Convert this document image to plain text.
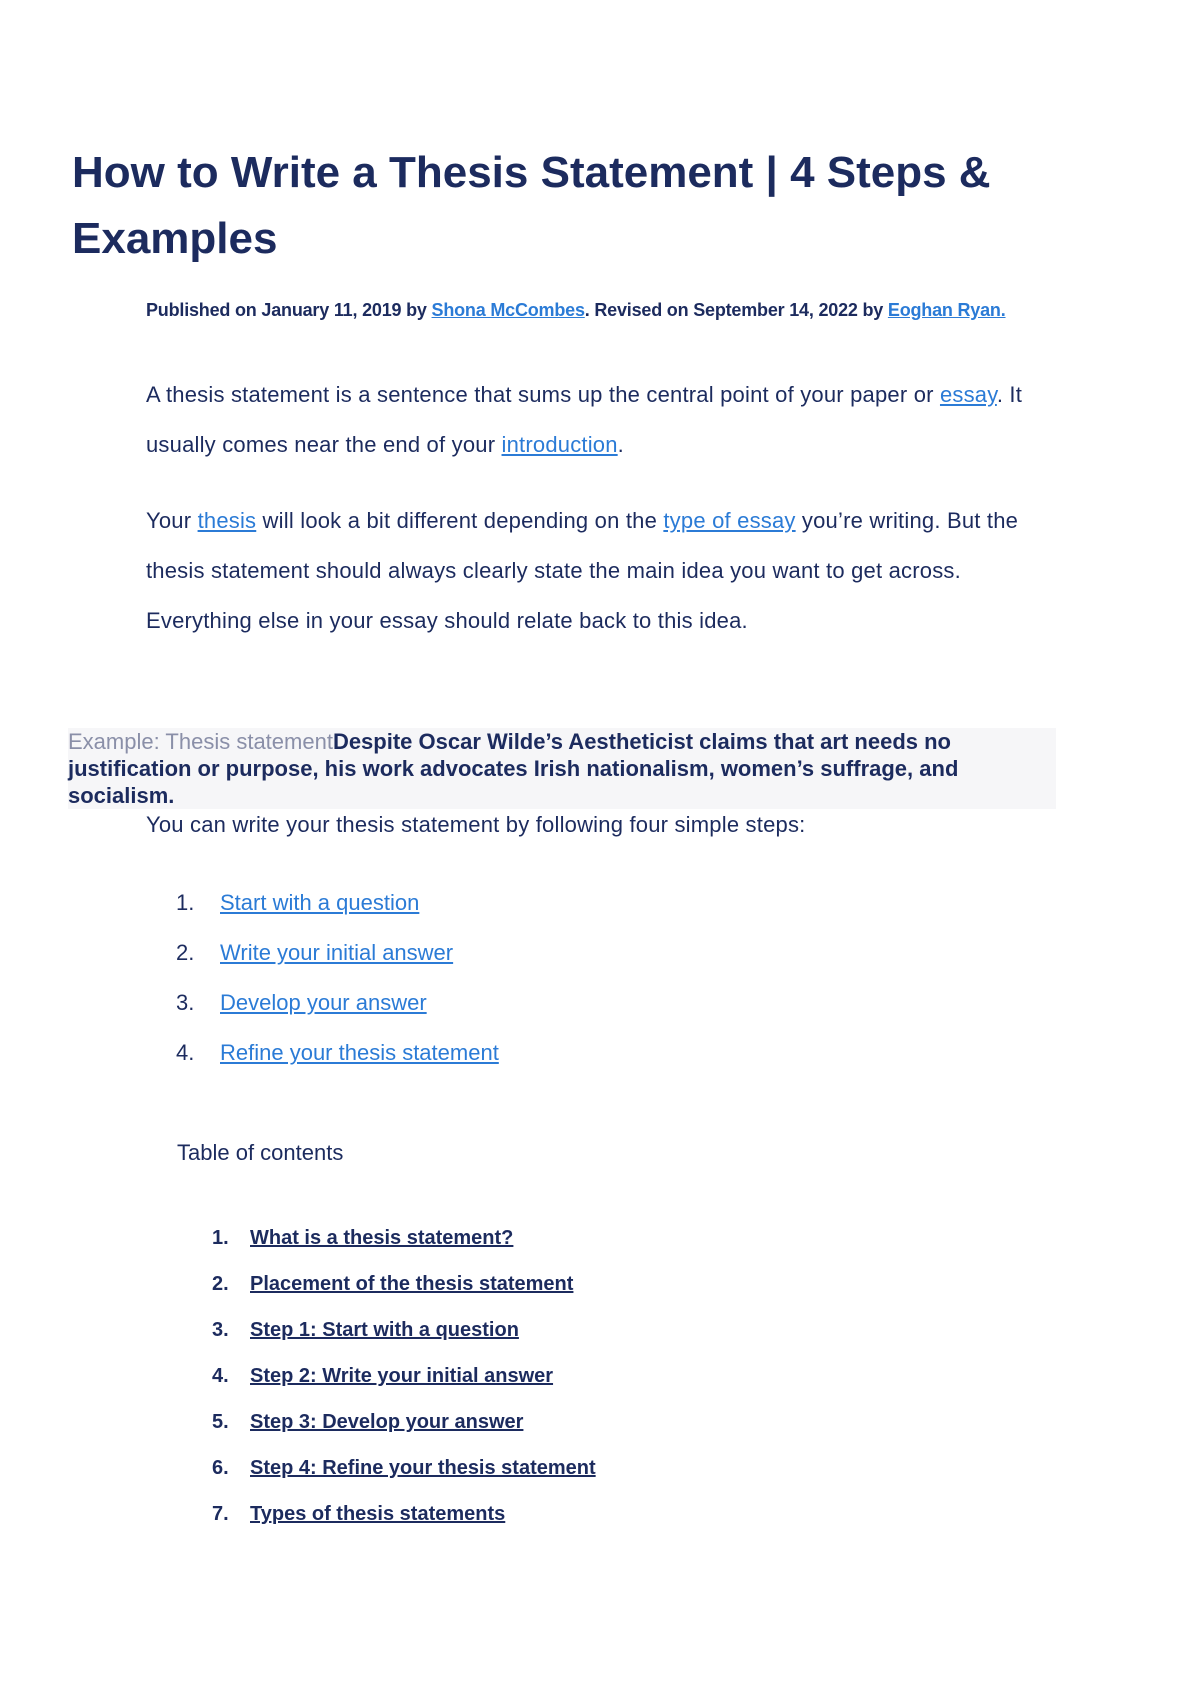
How to Write a Thesis Statement | 4 Steps & Examples
Published on January 11, 2019 by Shona McCombes. Revised on September 14, 2022 by Eoghan Ryan.

A thesis statement is a sentence that sums up the central point of your paper or essay. It usually comes near the end of your introduction.

Your thesis will look a bit different depending on the type of essay you’re writing. But the thesis statement should always clearly state the main idea you want to get across. Everything else in your essay should relate back to this idea.

Example: Thesis statementDespite Oscar Wilde’s Aestheticist claims that art needs no justification or purpose, his work advocates Irish nationalism, women’s suffrage, and socialism.
You can write your thesis statement by following four simple steps:
1. Start with a question
2. Write your initial answer
3. Develop your answer
4. Refine your thesis statement
Table of contents
1. What is a thesis statement?
2. Placement of the thesis statement
3. Step 1: Start with a question
4. Step 2: Write your initial answer
5. Step 3: Develop your answer
6. Step 4: Refine your thesis statement
7. Types of thesis statements
